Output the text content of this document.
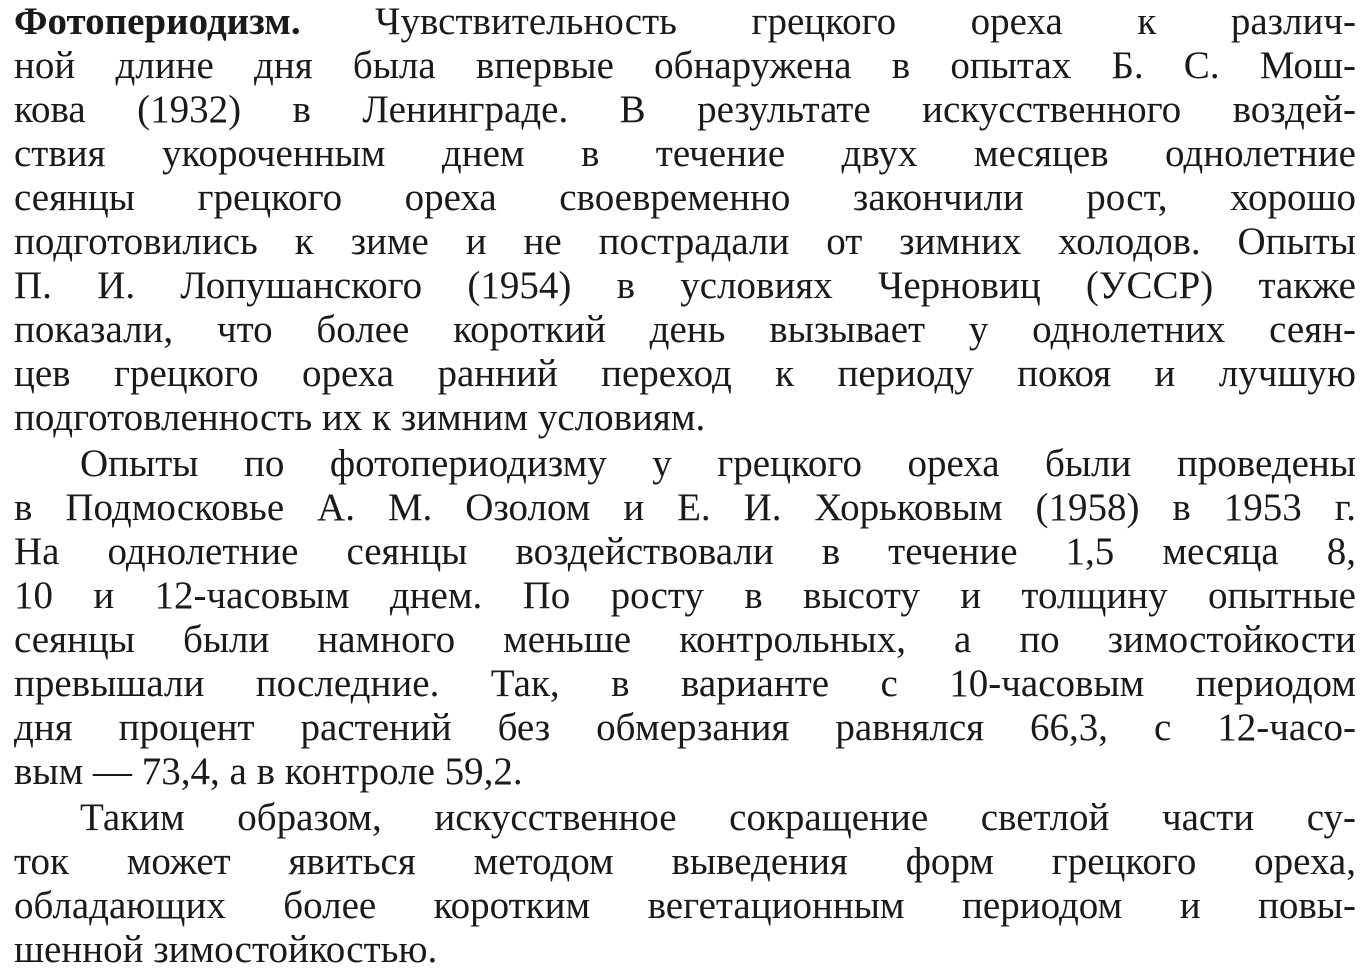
Фотопериодизм. Чувствительность грецкого ореха к различ-
ной длине дня была впервые обнаружена в опытах Б. С. Мош-
кова (1932) в Ленинграде. В результате искусственного воздей-
ствия укороченным днем в течение двух месяцев однолетние
сеянцы грецкого ореха своевременно закончили рост, хорошо
подготовились к зиме и не пострадали от зимних холодов. Опыты
П. И. Лопушанского (1954) в условиях Черновиц (УССР) также
показали, что более короткий день вызывает у однолетних сеян-
цев грецкого ореха ранний переход к периоду покоя и лучшую
подготовленность их к зимним условиям.
Опыты по фотопериодизму у грецкого ореха были проведены
в Подмосковье А. М. Озолом и Е. И. Хорьковым (1958) в 1953 г.
На однолетние сеянцы воздействовали в течение 1,5 месяца 8,
10 и 12-часовым днем. По росту в высоту и толщину опытные
сеянцы были намного меньше контрольных, а по зимостойкости
превышали последние. Так, в варианте с 10-часовым периодом
дня процент растений без обмерзания равнялся 66,3, с 12-часо-
вым — 73,4, а в контроле 59,2.
Таким образом, искусственное сокращение светлой части су-
ток может явиться методом выведения форм грецкого ореха,
обладающих более коротким вегетационным периодом и повы-
шенной зимостойкостью.
